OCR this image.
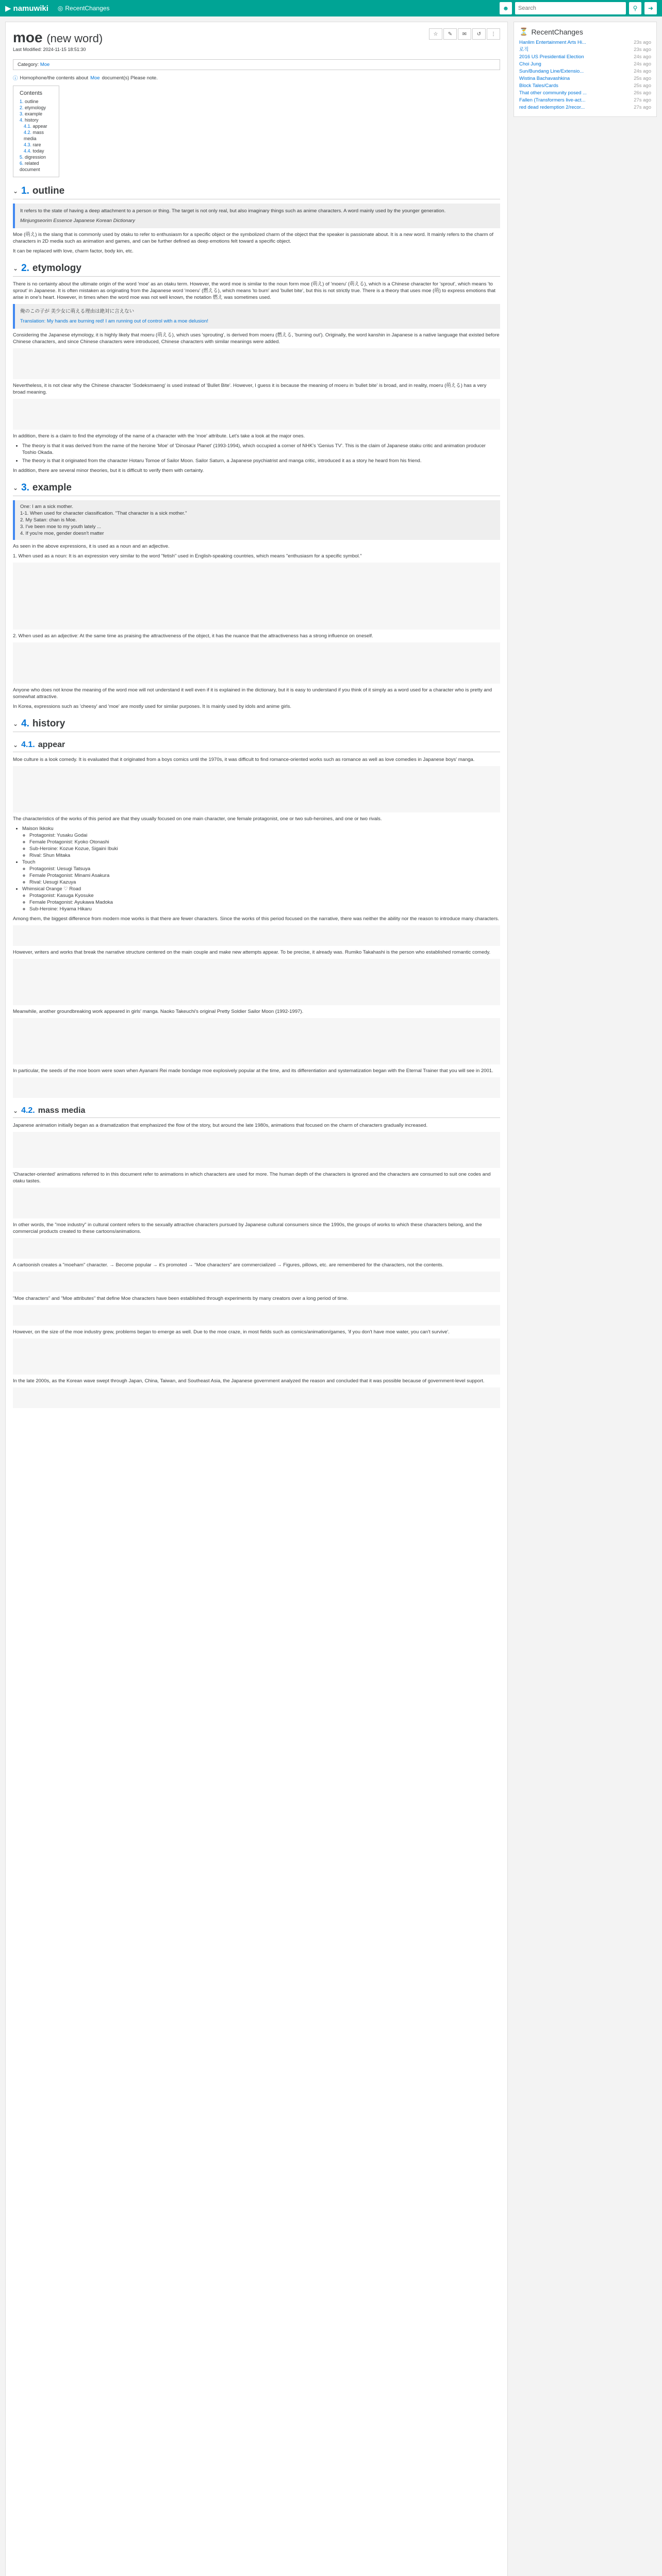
▶ namuwiki ◎ RecentChanges	☻
Search	⚲ ➜
⏳ RecentChanges
Hanlim Entertainment Arts Hi...	23s ago
로직	23s ago
2016 US Presidential Election	24s ago
Choi Jung	24s ago
Sun/Bundang Line/Extensio...	24s ago
Wistina Bachavashkina	25s ago
Block Tales/Cards	25s ago
That other community posed ...	26s ago
Fallen (Transformers live-act...	27s ago
red dead redemption 2/recor...	27s ago
☆ ✎ ✉ ↺ ⋮
moe (new word)
Last Modified: 2024-11-15 18:51:30
Category: Moe
ⓘ Homophone/the contents about Moe document(s) Please note.
Contents
1. outline
2. etymology
3. example
4. history
4.1. appear
4.2. mass media
4.3. rare
4.4. today
5. digression
6. related document
⌄ 1. outline
It refers to the state of having a deep attachment to a person or thing. The target is not only real, but also imaginary things such as anime characters. A word mainly used by the younger generation.
Minjungseorim Essence Japanese Korean Dictionary

Moe (萌え) is the slang that is commonly used by otaku to refer to enthusiasm for a specific object or the symbolized charm of the object that the speaker is passionate about. It is a new word. It mainly refers to the charm of characters in 2D media such as animation and games, and can be further defined as deep emotions felt toward a specific object.

It can be replaced with love, charm factor, body kin, etc.

⌄ 2. etymology

There is no certainty about the ultimate origin of the word 'moe' as an otaku term. However, the word moe is similar to the noun form moe (萌え) of 'moeru' (萌える), which is a Chinese character for 'sprout', which means 'to sprout' in Japanese. It is often mistaken as originating from the Japanese word 'moeru' (燃える), which means 'to burn' and 'bullet bite', but this is not strictly true. There is a theory that uses moe (萌) to express emotions that arise in one's heart. However, in times when the word moe was not well known, the notation 燃え was sometimes used.

俺のこの子が 美少女に萌える理由は絶対に言えない
Translation: My hands are burning red! I am running out of control with a moe delusion!

Considering the Japanese etymology, it is highly likely that moeru (萌える), which uses 'sprouting', is derived from moeru (燃える, 'burning out'). Originally, the word kanshin in Japanese is a native language that existed before Chinese characters, and since Chinese characters were introduced, Chinese characters with similar meanings were added.

Nevertheless, it is not clear why the Chinese character 'Sodeksmaeng' is used instead of 'Bullet Bite'. However, I guess it is because the meaning of moeru in 'bullet bite' is broad, and in reality, moeru (萌える) has a very broad meaning.

In addition, there is a claim to find the etymology of the name of a character with the 'moe' attribute. Let's take a look at the major ones.

• The theory is that it was derived from the name of the heroine 'Moe' of 'Dinosaur Planet' (1993-1994), which occupied a corner of NHK's 'Genius TV'. This is the claim of Japanese otaku critic and animation producer Toshio Okada.
• The theory is that it originated from the character Hotaru Tomoe of Sailor Moon. Sailor Saturn, a Japanese psychiatrist and manga critic, introduced it as a story he heard from his friend.

In addition, there are several minor theories, but it is difficult to verify them with certainty.

⌄ 3. example
One: I am a sick mother.
1-1. When used for character classification. "That character is a sick mother."
2. My Satan: chan is Moe.
3. I've been moe to my youth lately ...
4. If you're moe, gender doesn't matter

As seen in the above expressions, it is used as a noun and an adjective.

1. When used as a noun: It is an expression very similar to the word "fetish" used in English-speaking countries, which means "enthusiasm for a specific symbol."

2. When used as an adjective: At the same time as praising the attractiveness of the object, it has the nuance that the attractiveness has a strong influence on oneself.

Anyone who does not know the meaning of the word moe will not understand it well even if it is explained in the dictionary, but it is easy to understand if you think of it simply as a word used for a character who is pretty and somewhat attractive.

In Korea, expressions such as 'cheesy' and 'moe' are mostly used for similar purposes. It is mainly used by idols and anime girls.

⌄ 4. history
⌄ 4.1. appear

Moe culture is a look comedy. It is evaluated that it originated from a boys comics until the 1970s, it was difficult to find romance-oriented works such as romance as well as love comedies in Japanese boys' manga.

The characteristics of the works of this period are that they usually focused on one main character, one female protagonist, one or two sub-heroines, and one or two rivals.

• Maison Ikkoku
◦ Protagonist: Yusaku Godai
◦ Female Protagonist: Kyoko Otonashi
◦ Sub-Heroine: Kozue Kozue, Sigaini Ibuki
◦ Rival: Shun Mitaka
• Touch
◦ Protagonist: Uesugi Tatsuya
◦ Female Protagonist: Minami Asakura
◦ Rival: Uesugi Kazuya
• Whimsical Orange ♡ Road
◦ Protagonist: Kasuga Kyosuke
◦ Female Protagonist: Ayukawa Madoka
◦ Sub-Heroine: Hiyama Hikaru

Among them, the biggest difference from modern moe works is that there are fewer characters. Since the works of this period focused on the narrative, there was neither the ability nor the reason to introduce many characters.

However, writers and works that break the narrative structure centered on the main couple and make new attempts appear. To be precise, it already was. Rumiko Takahashi is the person who established romantic comedy.

Meanwhile, another groundbreaking work appeared in girls' manga. Naoko Takeuchi's original Pretty Soldier Sailor Moon (1992-1997).

In particular, the seeds of the moe boom were sown when Ayanami Rei made bondage moe explosively popular at the time, and its differentiation and systematization began with the Eternal Trainer that you will see in 2001.

⌄ 4.2. mass media

Japanese animation initially began as a dramatization that emphasized the flow of the story, but around the late 1980s, animations that focused on the charm of characters gradually increased.

'Character-oriented' animations referred to in this document refer to animations in which characters are used for more. The human depth of the characters is ignored and the characters are consumed to suit one codes and otaku tastes.

In other words, the "moe industry" in cultural content refers to the sexually attractive characters pursued by Japanese cultural consumers since the 1990s, the groups of works to which these characters belong, and the commercial products created to these cartoons/animations.

A cartoonish creates a "moeham" character. → Become popular → it's promoted → "Moe characters" are commercialized → Figures, pillows, etc. are remembered for the characters, not the contents.

"Moe characters" and "Moe attributes" that define Moe characters have been established through experiments by many creators over a long period of time.

However, on the size of the moe industry grew, problems began to emerge as well. Due to the moe craze, in most fields such as comics/animation/games, 'if you don't have moe water, you can't survive'.

In the late 2000s, as the Korean wave swept through Japan, China, Taiwan, and Southeast Asia, the Japanese government analyzed the reason and concluded that it was possible because of government-level support.
